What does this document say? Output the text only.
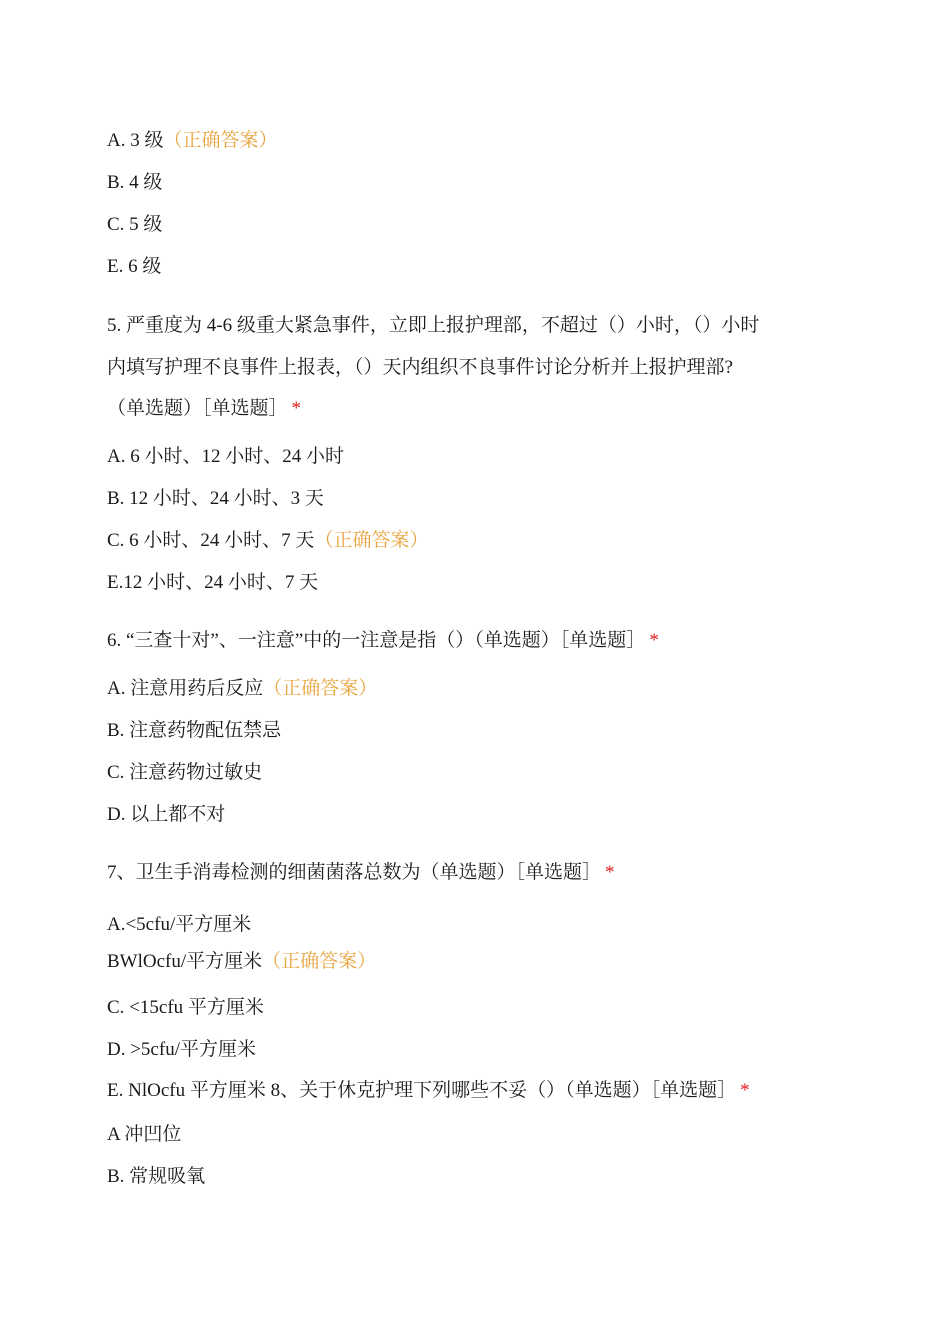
A. 3 级（正确答案）
B. 4 级
C. 5 级
E. 6 级
5. 严重度为 4-6 级重大紧急事件，立即上报护理部，不超过（）小时，（）小时
内填写护理不良事件上报表，（）天内组织不良事件讨论分析并上报护理部?
（单选题）［单选题］ *
A. 6 小时、12 小时、24 小时
B. 12 小时、24 小时、3 天
C. 6 小时、24 小时、7 天（正确答案）
E.12 小时、24 小时、7 天
6. “三查十对”、一注意”中的一注意是指（）（单选题）［单选题］ *
A. 注意用药后反应（正确答案）
B. 注意药物配伍禁忌
C. 注意药物过敏史
D. 以上都不对
7、卫生手消毒检测的细菌菌落总数为（单选题）［单选题］ *
A.<5cfu/平方厘米
BWlOcfu/平方厘米（正确答案）
C. <15cfu 平方厘米
D. >5cfu/平方厘米
E. NlOcfu 平方厘米 8、关于休克护理下列哪些不妥（）（单选题）［单选题］ *
A 冲凹位
B. 常规吸氧
